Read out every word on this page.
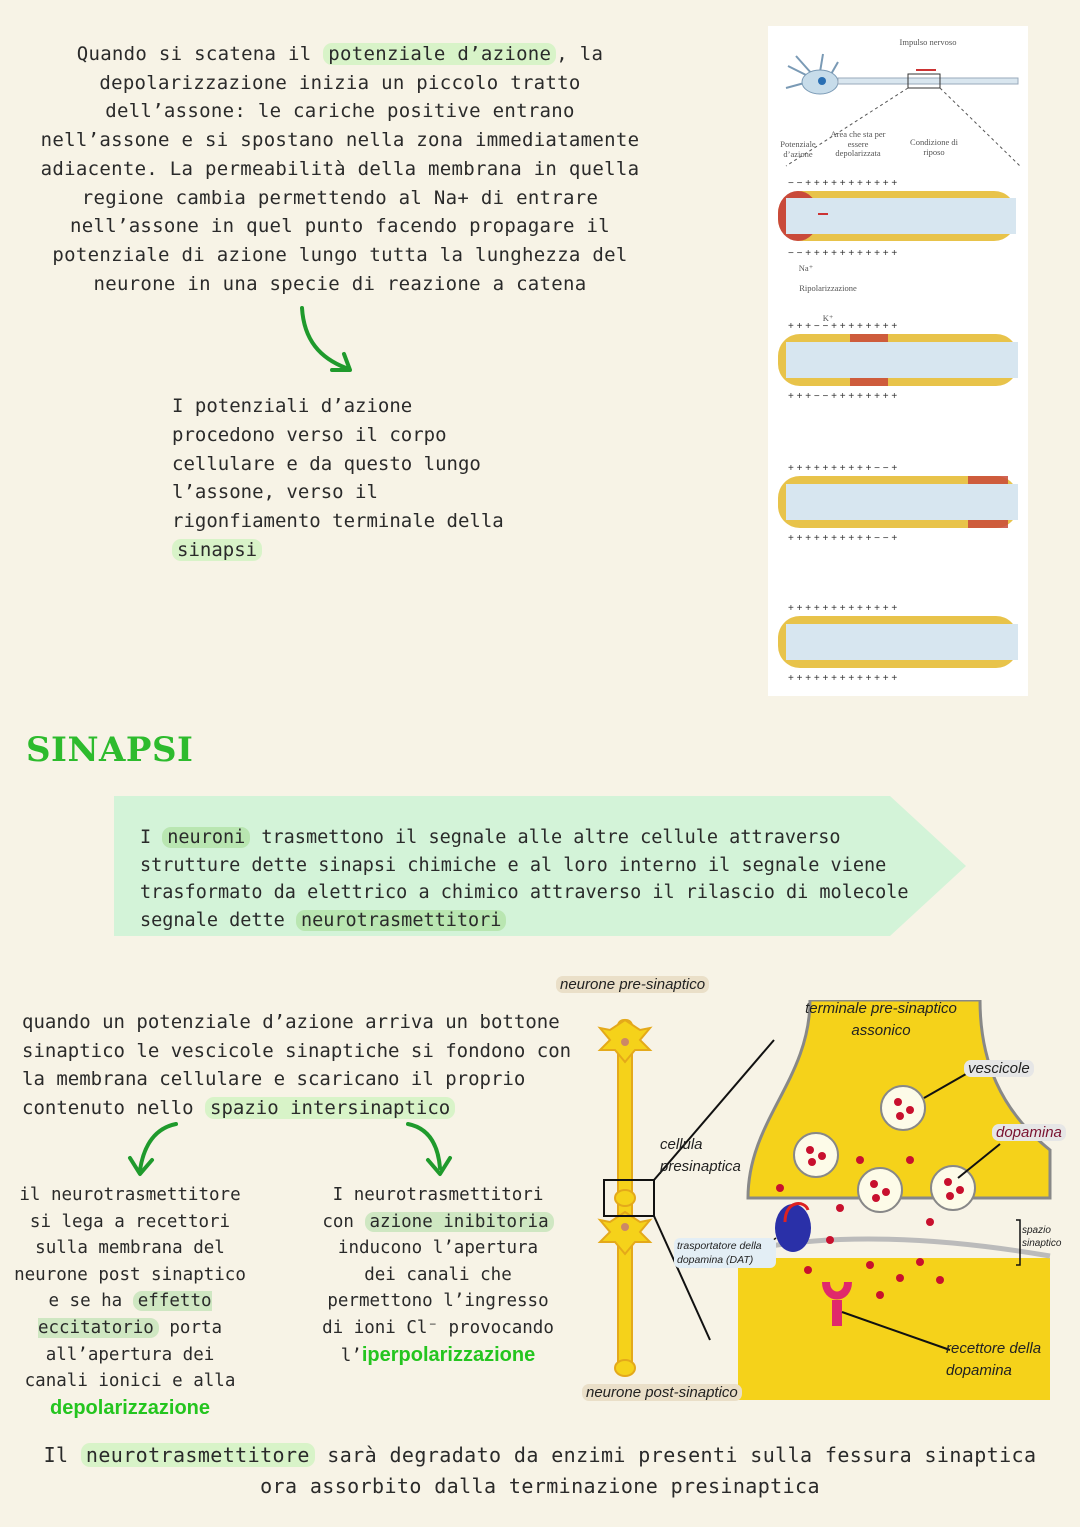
Quando si scatena il potenziale d’azione , la depolarizzazione inizia un piccolo tratto dell’assone: le cariche positive entrano nell’assone e si spostano nella zona immediatamente adiacente. La permeabilità della membrana in quella regione cambia permettendo al Na+ di entrare nell’assone in quel punto facendo propagare il potenziale di azione lungo tutta la lunghezza del neurone in una specie di reazione a catena
I potenziali d’azione procedono verso il corpo cellulare e da questo lungo l’assone, verso il rigonfiamento terminale della sinapsi
− − + + + + + + + + + + +
− − + + + + + + + + + + +
+ + + − − + + + + + + + +
+ + + − − + + + + + + + +
+ + + + + + + + + + − − +
+ + + + + + + + + + − − +
+ + + + + + + + + + + + +
+ + + + + + + + + + + + +
Impulso nervoso
Potenziale d’azione
Area che sta per essere depolarizzata
Condizione di riposo
Ripolarizzazione
Na⁺
K⁺
SINAPSI
I neuroni trasmettono il segnale alle altre cellule attraverso strutture dette sinapsi chimiche e al loro interno il segnale viene trasformato da elettrico a chimico attraverso il rilascio di molecole segnale dette neurotrasmettitori
quando un potenziale d’azione arriva un bottone sinaptico le vescicole sinaptiche si fondono con la membrana cellulare e scaricano il proprio contenuto nello spazio intersinaptico
il neurotrasmettitore si lega a recettori sulla membrana del neurone post sinaptico e se ha effetto eccitatorio porta all’apertura dei canali ionici e alla
depolarizzazione
I neurotrasmettitori con azione inibitoria inducono l’apertura dei canali che permettono l’ingresso di ioni Cl⁻ provocando
l’iperpolarizzazione
neurone pre-sinaptico
neurone post-sinaptico
terminale pre-sinaptico assonico
cellula presinaptica
vescicole
dopamina
spazio sinaptico
trasportatore della dopamina (DAT)
recettore della dopamina
Il neurotrasmettitore sarà degradato da enzimi presenti sulla fessura sinaptica ora assorbito dalla terminazione presinaptica
